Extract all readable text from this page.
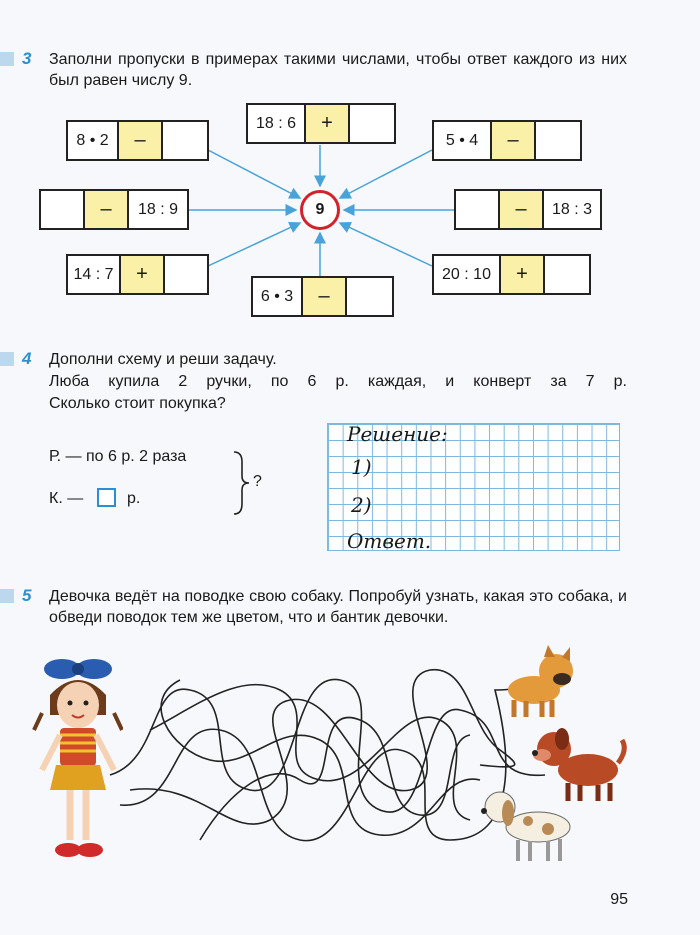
3 Заполни пропуски в примерах такими числами, чтобы ответ каждого из них был равен числу 9.
8 • 2	–
18 : 6	+
5 • 4	–
–	18 : 9	–	18 : 3
14 : 7	+
6 • 3	–
20 : 10	+
9
4 Дополни схему и реши задачу.
Люба купила 2 ручки, по 6 р. каждая, и конверт за 7 р.
Сколько стоит покупка?
Р. — по 6 р. 2 раза
К. —	р.
?
Решение:
1)
2)
Ответ.
5 Девочка ведёт на поводке свою собаку. Попробуй узнать, какая это собака, и обведи поводок тем же цветом, что и бантик девочки.
95
